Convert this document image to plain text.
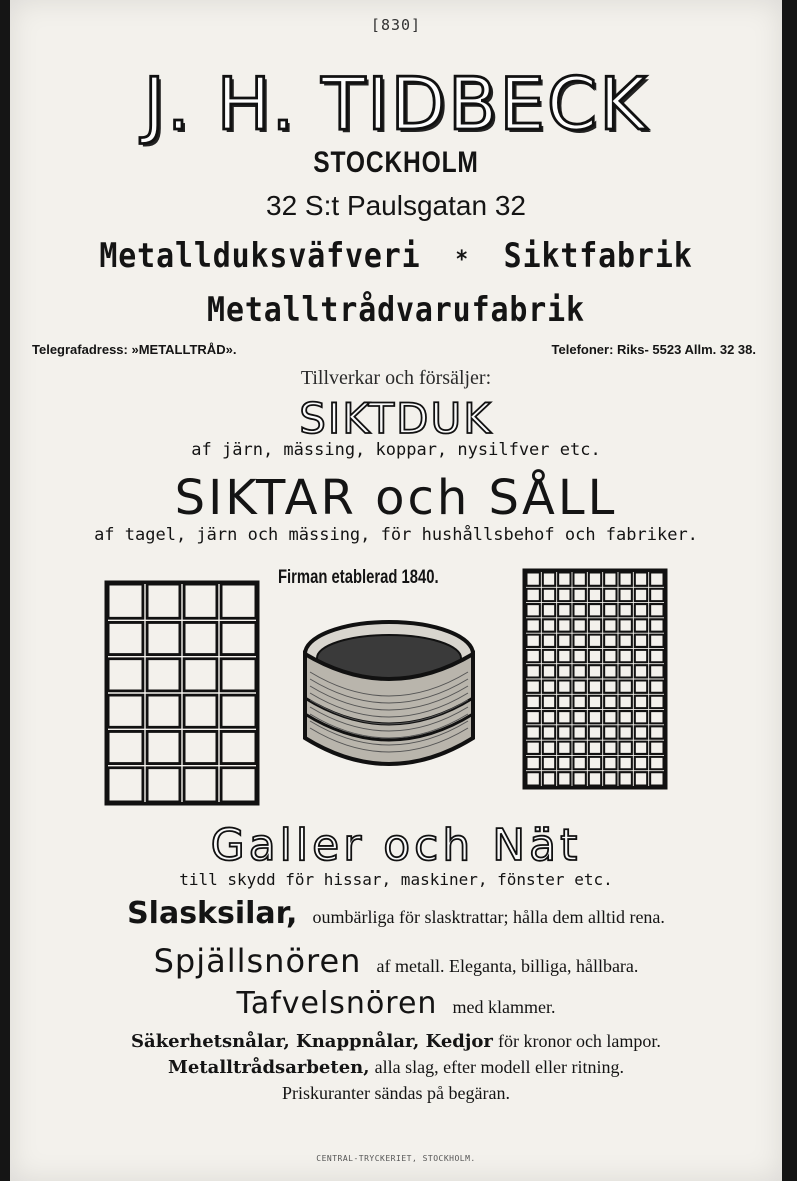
[830]
J. H. TIDBECK
STOCKHOLM
32 S:t Paulsgatan 32
Metallduksväfveri * Siktfabrik
Metalltrådvarufabrik
Telegrafadress: »METALLTRÅD».	Telefoner: Riks- 5523 Allm. 32 38.
Tillverkar och försäljer:
SIKTDUK
af järn, mässing, koppar, nysilfver etc.
SIKTAR och SÅLL
af tagel, järn och mässing, för hushållsbehof och fabriker.
Firman etablerad 1840.
Galler och Nät
till skydd för hissar, maskiner, fönster etc.
Slasksilar, oumbärliga för slasktrattar; hålla dem alltid rena.
Spjällsnören af metall. Eleganta, billiga, hållbara.
Tafvelsnören med klammer.
Säkerhetsnålar, Knappnålar, Kedjor för kronor och lampor.
Metalltrådsarbeten, alla slag, efter modell eller ritning.
Priskuranter sändas på begäran.
CENTRAL-TRYCKERIET, STOCKHOLM.
